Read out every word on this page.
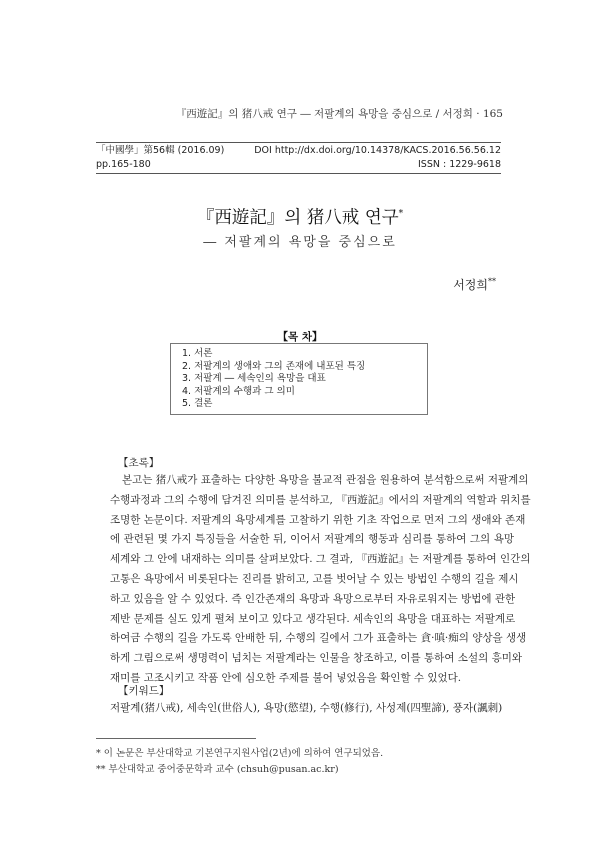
『西遊記』의 猪八戒 연구 ― 저팔계의 욕망을 중심으로 / 서정희 · 165
「中國學」第56輯 (2016.09)	DOI http://dx.doi.org/10.14378/KACS.2016.56.56.12
pp.165-180	ISSN : 1229-9618
『西遊記』의 猪八戒 연구*
― 저팔계의 욕망을 중심으로
서정희**
【목 차】
1. 서론
2. 저팔계의 생애와 그의 존재에 내포된 특징
3. 저팔계 ― 세속인의 욕망을 대표
4. 저팔계의 수행과 그 의미
5. 결론
【초록】
본고는 猪八戒가 표출하는 다양한 욕망을 불교적 관점을 원용하여 분석함으로써 저팔계의
수행과정과 그의 수행에 담겨진 의미를 분석하고, 『西遊記』에서의 저팔계의 역할과 위치를
조명한 논문이다. 저팔계의 욕망세계를 고찰하기 위한 기초 작업으로 먼저 그의 생애와 존재
에 관련된 몇 가지 특징들을 서술한 뒤, 이어서 저팔계의 행동과 심리를 통하여 그의 욕망
세계와 그 안에 내재하는 의미를 살펴보았다. 그 결과, 『西遊記』는 저팔계를 통하여 인간의
고통은 욕망에서 비롯된다는 진리를 밝히고, 고를 벗어날 수 있는 방법인 수행의 길을 제시
하고 있음을 알 수 있었다. 즉 인간존재의 욕망과 욕망으로부터 자유로워지는 방법에 관한
제반 문제를 실도 있게 펼쳐 보이고 있다고 생각된다. 세속인의 욕망을 대표하는 저팔계로
하여금 수행의 길을 가도록 안배한 뒤, 수행의 길에서 그가 표출하는 貪·嗔·痴의 양상을 생생
하게 그림으로써 생명력이 넘치는 저팔계라는 인물을 창조하고, 이를 통하여 소설의 흥미와
재미를 고조시키고 작품 안에 심오한 주제를 불어 넣었음을 확인할 수 있었다.
【키워드】
저팔계(猪八戒), 세속인(世俗人), 욕망(慾望), 수행(修行), 사성제(四聖諦), 풍자(諷刺)
* 이 논문은 부산대학교 기본연구지원사업(2년)에 의하여 연구되었음.
** 부산대학교 중어중문학과 교수 (chsuh@pusan.ac.kr)
